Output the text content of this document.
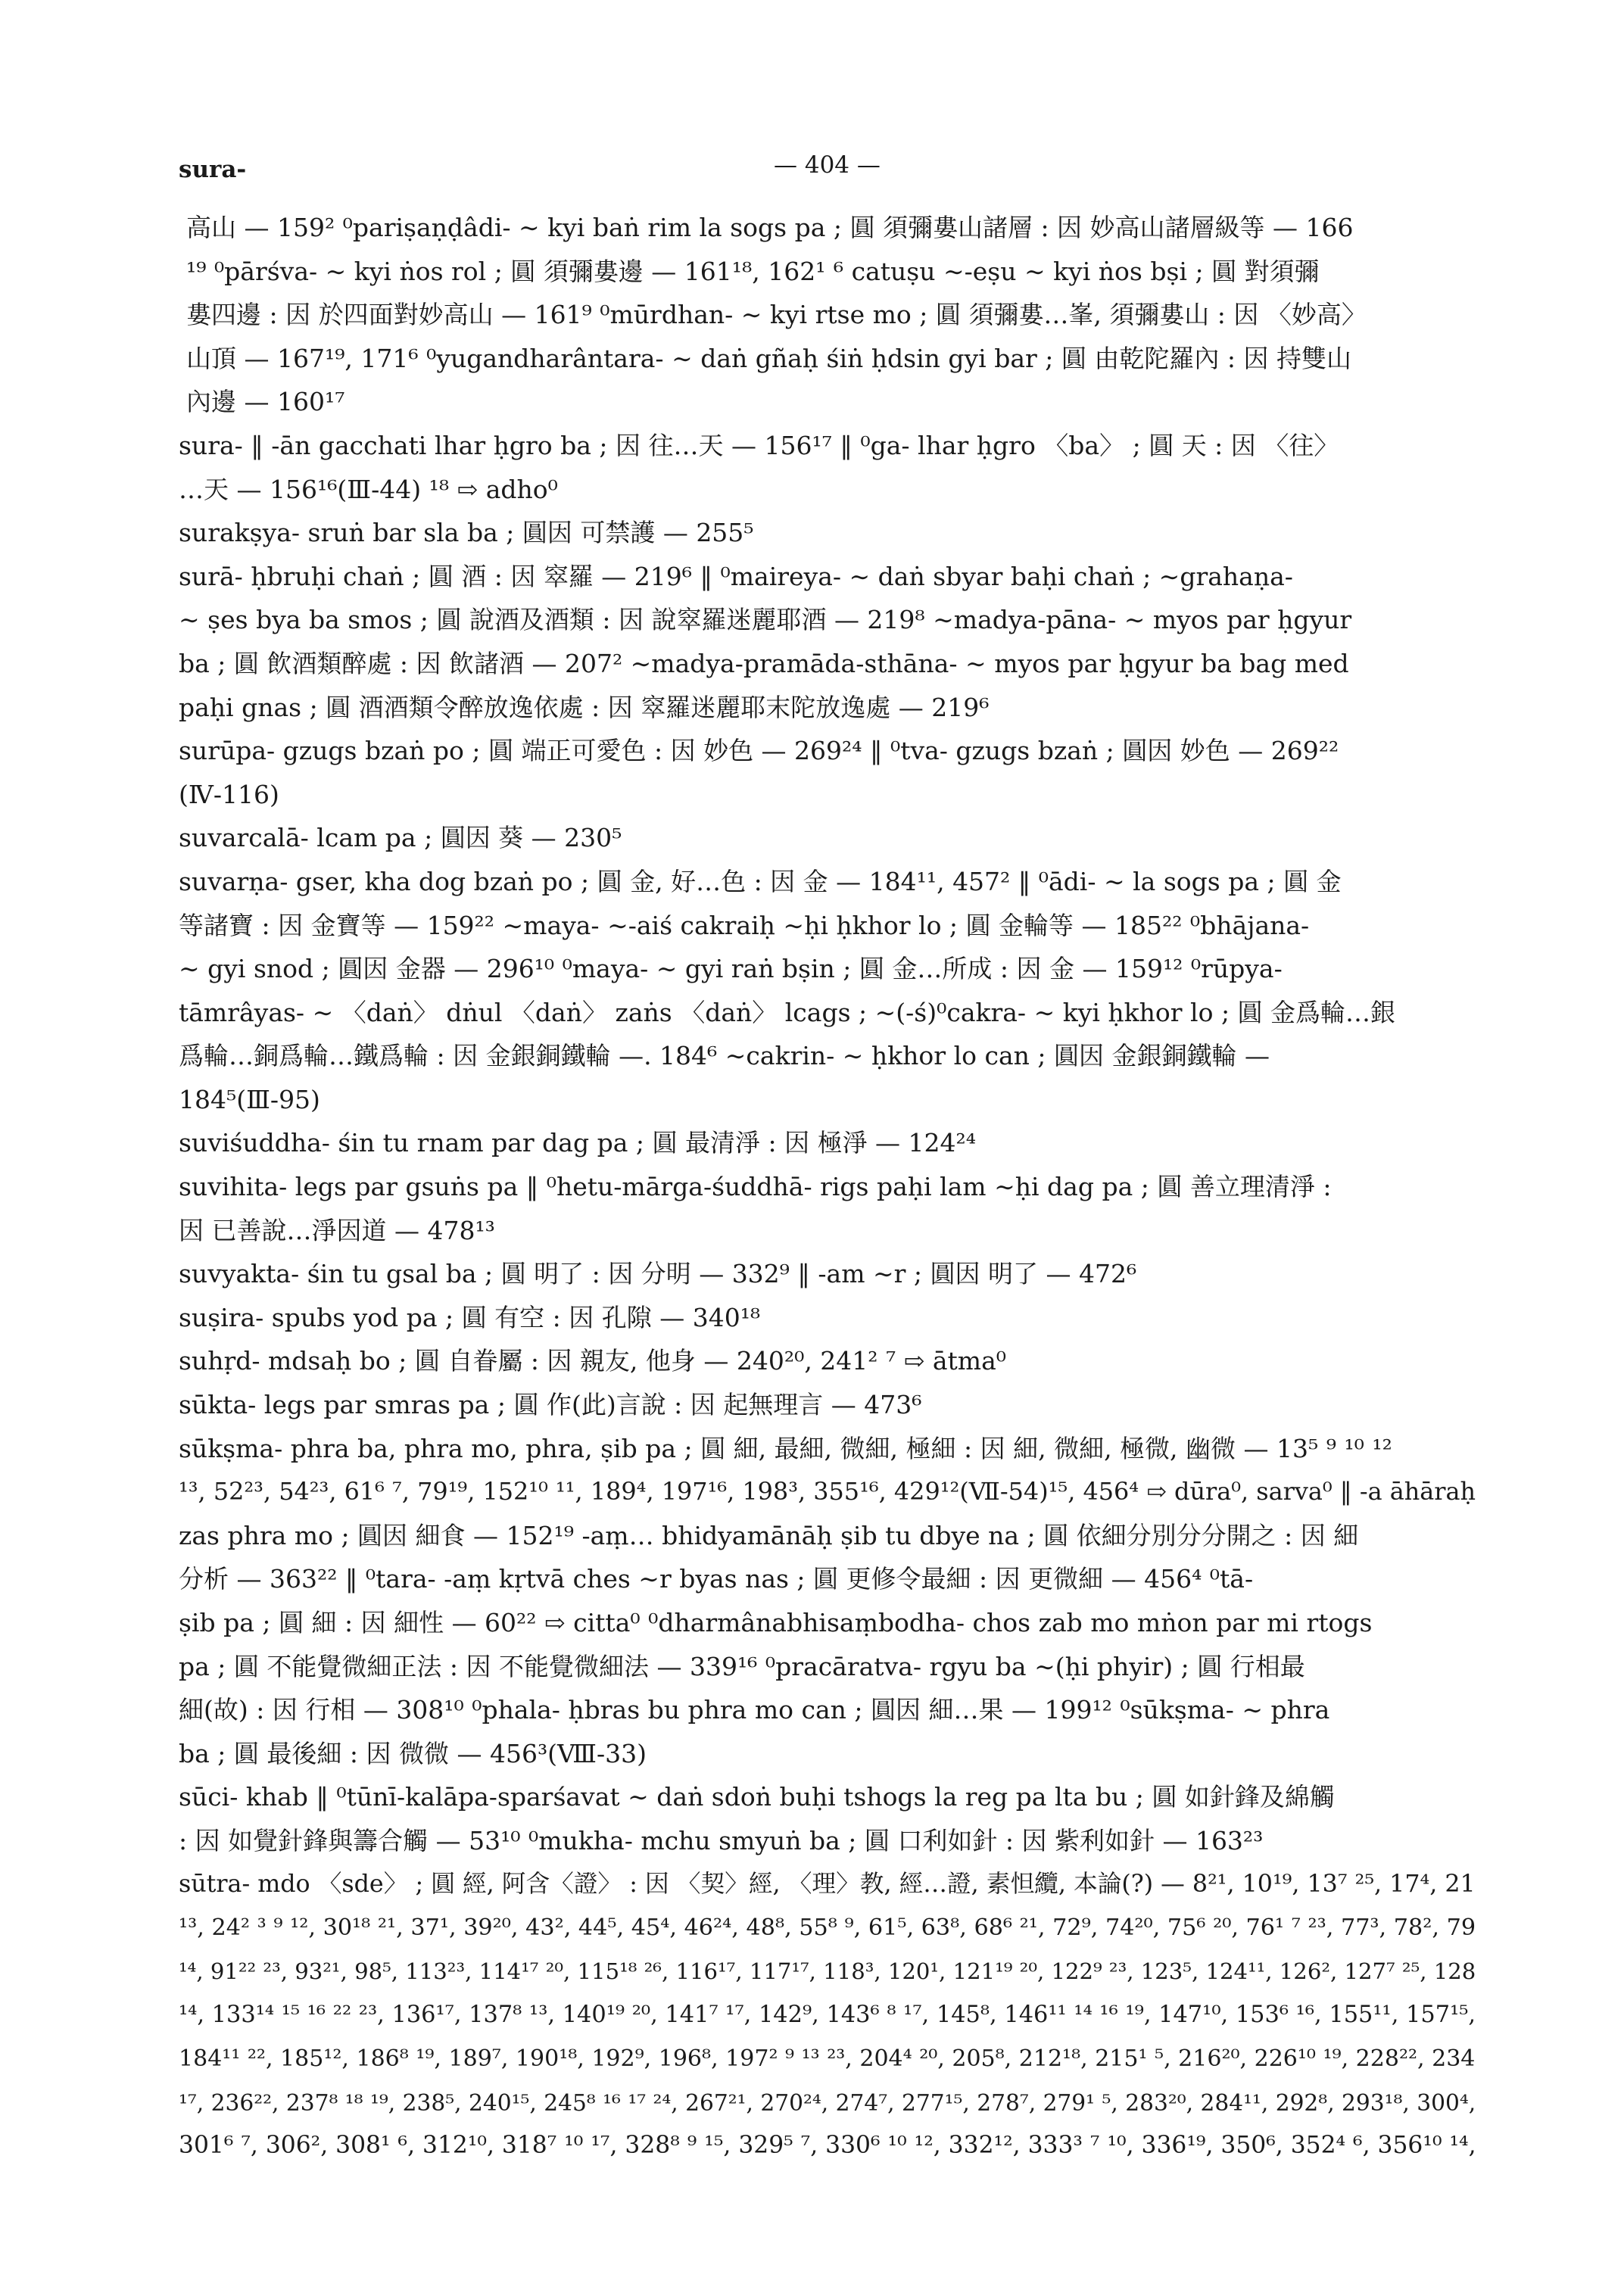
sura-	— 404 —
高山 — 159² ⁰pariṣaṇḍâdi- ∼ kyi baṅ rim la sogs pa ; 圓 須彌婁山諸層 : 因 妙高山諸層級等 — 166
¹⁹ ⁰pārśva- ∼ kyi ṅos rol ; 圓 須彌婁邊 — 161¹⁸, 162¹ ⁶ catuṣu ∼-eṣu ∼ kyi ṅos bṣi ; 圓 對須彌
婁四邊 : 因 於四面對妙高山 — 161⁹ ⁰mūrdhan- ∼ kyi rtse mo ; 圓 須彌婁…峯, 須彌婁山 : 因 〈妙高〉
山頂 — 167¹⁹, 171⁶ ⁰yugandharântara- ∼ daṅ gñaḥ śiṅ ḥdsin gyi bar ; 圓 由乾陀羅內 : 因 持雙山
內邊 — 160¹⁷
sura- ‖ -ān gacchati lhar ḥgro ba ; 因 往…天 — 156¹⁷ ‖ ⁰ga- lhar ḥgro 〈ba〉 ; 圓 天 : 因 〈往〉
…天 — 156¹⁶(Ⅲ-44) ¹⁸ ⇨ adho⁰
surakṣya- sruṅ bar sla ba ; 圓因 可禁護 — 255⁵
surā- ḥbruḥi chaṅ ; 圓 酒 : 因 窣羅 — 219⁶ ‖ ⁰maireya- ∼ daṅ sbyar baḥi chaṅ ; ∼grahaṇa-
∼ ṣes bya ba smos ; 圓 說酒及酒類 : 因 說窣羅迷麗耶酒 — 219⁸ ∼madya-pāna- ∼ myos par ḥgyur
ba ; 圓 飲酒類醉處 : 因 飲諸酒 — 207² ∼madya-pramāda-sthāna- ∼ myos par ḥgyur ba bag med
paḥi gnas ; 圓 酒酒類令醉放逸依處 : 因 窣羅迷麗耶末陀放逸處 — 219⁶
surūpa- gzugs bzaṅ po ; 圓 端正可愛色 : 因 妙色 — 269²⁴ ‖ ⁰tva- gzugs bzaṅ ; 圓因 妙色 — 269²²
(Ⅳ-116)
suvarcalā- lcam pa ; 圓因 葵 — 230⁵
suvarṇa- gser, kha dog bzaṅ po ; 圓 金, 好…色 : 因 金 — 184¹¹, 457² ‖ ⁰ādi- ∼ la sogs pa ; 圓 金
等諸寶 : 因 金寶等 — 159²² ∼maya- ∼-aiś cakraiḥ ∼ḥi ḥkhor lo ; 圓 金輪等 — 185²² ⁰bhājana-
∼ gyi snod ; 圓因 金器 — 296¹⁰ ⁰maya- ∼ gyi raṅ bṣin ; 圓 金…所成 : 因 金 — 159¹² ⁰rūpya-
tāmrâyas- ∼ 〈daṅ〉 dṅul 〈daṅ〉 zaṅs 〈daṅ〉 lcags ; ∼(-ś)⁰cakra- ∼ kyi ḥkhor lo ; 圓 金爲輪…銀
爲輪…銅爲輪…鐵爲輪 : 因 金銀銅鐵輪 —. 184⁶ ∼cakrin- ∼ ḥkhor lo can ; 圓因 金銀銅鐵輪 —
184⁵(Ⅲ-95)
suviśuddha- śin tu rnam par dag pa ; 圓 最清淨 : 因 極淨 — 124²⁴
suvihita- legs par gsuṅs pa ‖ ⁰hetu-mārga-śuddhā- rigs paḥi lam ∼ḥi dag pa ; 圓 善立理清淨 :
因 已善說…淨因道 — 478¹³
suvyakta- śin tu gsal ba ; 圓 明了 : 因 分明 — 332⁹ ‖ -am ∼r ; 圓因 明了 — 472⁶
suṣira- spubs yod pa ; 圓 有空 : 因 孔隙 — 340¹⁸
suhṛd- mdsaḥ bo ; 圓 自眷屬 : 因 親友, 他身 — 240²⁰, 241² ⁷ ⇨ ātma⁰
sūkta- legs par smras pa ; 圓 作(此)言說 : 因 起無理言 — 473⁶
sūkṣma- phra ba, phra mo, phra, ṣib pa ; 圓 細, 最細, 微細, 極細 : 因 細, 微細, 極微, 幽微 — 13⁵ ⁹ ¹⁰ ¹²
¹³, 52²³, 54²³, 61⁶ ⁷, 79¹⁹, 152¹⁰ ¹¹, 189⁴, 197¹⁶, 198³, 355¹⁶, 429¹²(Ⅶ-54)¹⁵, 456⁴ ⇨ dūra⁰, sarva⁰ ‖ -a āhāraḥ
zas phra mo ; 圓因 細食 — 152¹⁹ -aṃ… bhidyamānāḥ ṣib tu dbye na ; 圓 依細分別分分開之 : 因 細
分析 — 363²² ‖ ⁰tara- -aṃ kṛtvā ches ∼r byas nas ; 圓 更修令最細 : 因 更微細 — 456⁴ ⁰tā-
ṣib pa ; 圓 細 : 因 細性 — 60²² ⇨ citta⁰ ⁰dharmânabhisaṃbodha- chos zab mo mṅon par mi rtogs
pa ; 圓 不能覺微細正法 : 因 不能覺微細法 — 339¹⁶ ⁰pracāratva- rgyu ba ∼(ḥi phyir) ; 圓 行相最
細(故) : 因 行相 — 308¹⁰ ⁰phala- ḥbras bu phra mo can ; 圓因 細…果 — 199¹² ⁰sūkṣma- ∼ phra
ba ; 圓 最後細 : 因 微微 — 456³(Ⅷ-33)
sūci- khab ‖ ⁰tūnī-kalāpa-sparśavat ∼ daṅ sdoṅ buḥi tshogs la reg pa lta bu ; 圓 如針鋒及綿觸
: 因 如覺針鋒與籌合觸 — 53¹⁰ ⁰mukha- mchu smyuṅ ba ; 圓 口利如針 : 因 紫利如針 — 163²³
sūtra- mdo 〈sde〉 ; 圓 經, 阿含〈證〉 : 因 〈契〉經, 〈理〉教, 經…證, 素怛纜, 本論(?) — 8²¹, 10¹⁹, 13⁷ ²⁵, 17⁴, 21
¹³, 24² ³ ⁹ ¹², 30¹⁸ ²¹, 37¹, 39²⁰, 43², 44⁵, 45⁴, 46²⁴, 48⁸, 55⁸ ⁹, 61⁵, 63⁸, 68⁶ ²¹, 72⁹, 74²⁰, 75⁶ ²⁰, 76¹ ⁷ ²³, 77³, 78², 79
¹⁴, 91²² ²³, 93²¹, 98⁵, 113²³, 114¹⁷ ²⁰, 115¹⁸ ²⁶, 116¹⁷, 117¹⁷, 118³, 120¹, 121¹⁹ ²⁰, 122⁹ ²³, 123⁵, 124¹¹, 126², 127⁷ ²⁵, 128
¹⁴, 133¹⁴ ¹⁵ ¹⁶ ²² ²³, 136¹⁷, 137⁸ ¹³, 140¹⁹ ²⁰, 141⁷ ¹⁷, 142⁹, 143⁶ ⁸ ¹⁷, 145⁸, 146¹¹ ¹⁴ ¹⁶ ¹⁹, 147¹⁰, 153⁶ ¹⁶, 155¹¹, 157¹⁵,
184¹¹ ²², 185¹², 186⁸ ¹⁹, 189⁷, 190¹⁸, 192⁹, 196⁸, 197² ⁹ ¹³ ²³, 204⁴ ²⁰, 205⁸, 212¹⁸, 215¹ ⁵, 216²⁰, 226¹⁰ ¹⁹, 228²², 234
¹⁷, 236²², 237⁸ ¹⁸ ¹⁹, 238⁵, 240¹⁵, 245⁸ ¹⁶ ¹⁷ ²⁴, 267²¹, 270²⁴, 274⁷, 277¹⁵, 278⁷, 279¹ ⁵, 283²⁰, 284¹¹, 292⁸, 293¹⁸, 300⁴,
301⁶ ⁷, 306², 308¹ ⁶, 312¹⁰, 318⁷ ¹⁰ ¹⁷, 328⁸ ⁹ ¹⁵, 329⁵ ⁷, 330⁶ ¹⁰ ¹², 332¹², 333³ ⁷ ¹⁰, 336¹⁹, 350⁶, 352⁴ ⁶, 356¹⁰ ¹⁴,
